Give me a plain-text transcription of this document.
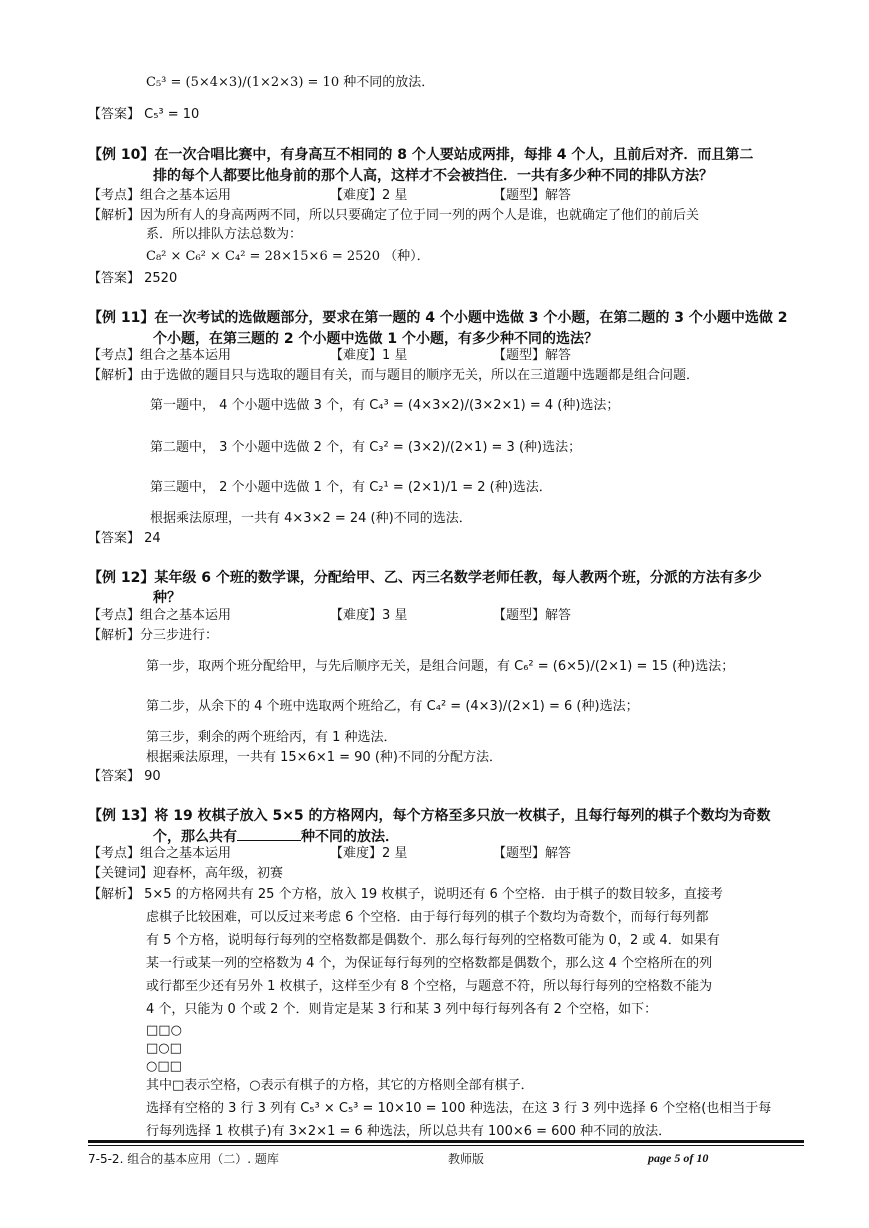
C₅³ = (5×4×3)/(1×2×3) = 10 种不同的放法．
【答案】 C₅³ = 10
【例 10】在一次合唱比赛中，有身高互不相同的 8 个人要站成两排，每排 4 个人，且前后对齐．而且第二
排的每个人都要比他身前的那个人高，这样才不会被挡住．一共有多少种不同的排队方法？
【考点】组合之基本运用	【难度】2 星	【题型】解答
【解析】因为所有人的身高两两不同，所以只要确定了位于同一列的两个人是谁，也就确定了他们的前后关
系．所以排队方法总数为：
C₈² × C₆² × C₄² = 28×15×6 = 2520 （种）．
【答案】 2520
【例 11】在一次考试的选做题部分，要求在第一题的 4 个小题中选做 3 个小题，在第二题的 3 个小题中选做 2
个小题，在第三题的 2 个小题中选做 1 个小题，有多少种不同的选法？
【考点】组合之基本运用	【难度】1 星	【题型】解答
【解析】由于选做的题目只与选取的题目有关，而与题目的顺序无关，所以在三道题中选题都是组合问题．
第一题中， 4 个小题中选做 3 个，有 C₄³ = (4×3×2)/(3×2×1) = 4 (种)选法；
第二题中， 3 个小题中选做 2 个，有 C₃² = (3×2)/(2×1) = 3 (种)选法；
第三题中， 2 个小题中选做 1 个，有 C₂¹ = (2×1)/1 = 2 (种)选法．
根据乘法原理，一共有 4×3×2 = 24 (种)不同的选法．
【答案】 24
【例 12】某年级 6 个班的数学课，分配给甲、乙、丙三名数学老师任教，每人教两个班，分派的方法有多少
种？
【考点】组合之基本运用	【难度】3 星	【题型】解答
【解析】分三步进行：
第一步，取两个班分配给甲，与先后顺序无关，是组合问题，有 C₆² = (6×5)/(2×1) = 15 (种)选法；
第二步，从余下的 4 个班中选取两个班给乙，有 C₄² = (4×3)/(2×1) = 6 (种)选法；
第三步，剩余的两个班给丙，有 1 种选法．
根据乘法原理，一共有 15×6×1 = 90 (种)不同的分配方法．
【答案】 90
【例 13】将 19 枚棋子放入 5×5 的方格网内，每个方格至多只放一枚棋子，且每行每列的棋子个数均为奇数
个，那么共有	种不同的放法．
【考点】组合之基本运用	【难度】2 星	【题型】解答
【关键词】迎春杯，高年级，初赛
【解析】 5×5 的方格网共有 25 个方格，放入 19 枚棋子，说明还有 6 个空格．由于棋子的数目较多，直接考
虑棋子比较困难，可以反过来考虑 6 个空格．由于每行每列的棋子个数均为奇数个，而每行每列都
有 5 个方格，说明每行每列的空格数都是偶数个．那么每行每列的空格数可能为 0，2 或 4．如果有
某一行或某一列的空格数为 4 个，为保证每行每列的空格数都是偶数个，那么这 4 个空格所在的列
或行都至少还有另外 1 枚棋子，这样至少有 8 个空格，与题意不符，所以每行每列的空格数不能为
4 个，只能为 0 个或 2 个．则肯定是某 3 行和某 3 列中每行每列各有 2 个空格，如下：
□□○
□○□
○□□
其中□表示空格，○表示有棋子的方格，其它的方格则全部有棋子．
选择有空格的 3 行 3 列有 C₅³ × C₅³ = 10×10 = 100 种选法，在这 3 行 3 列中选择 6 个空格(也相当于每
行每列选择 1 枚棋子)有 3×2×1 = 6 种选法，所以总共有 100×6 = 600 种不同的放法．
7-5-2. 组合的基本应用（二）. 题库	教师版	page 5 of 10
